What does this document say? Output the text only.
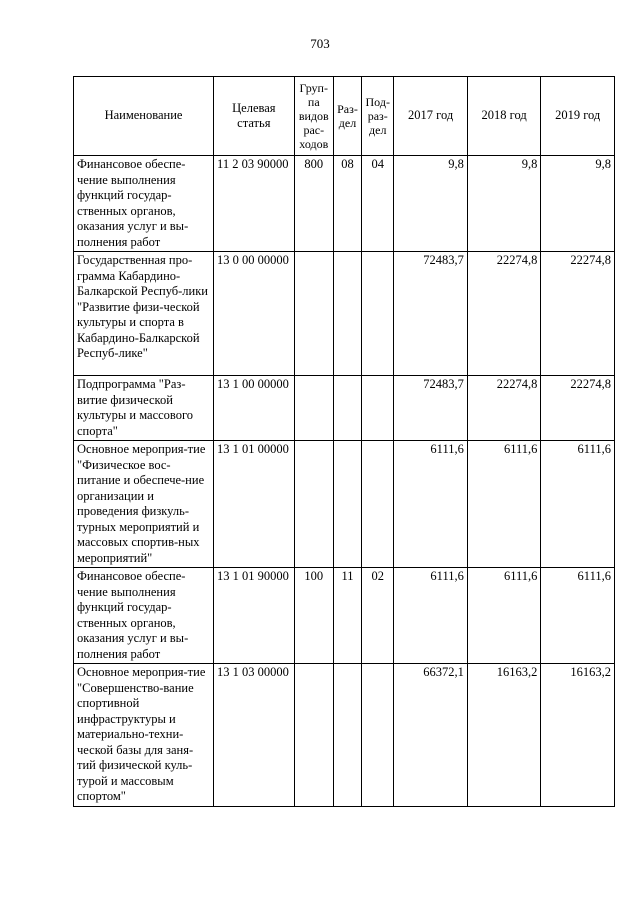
703
Наименование	Целевая статья	Груп-па видов рас-ходов	Раз-дел	Под-раз-дел	2017 год	2018 год	2019 год
Финансовое обеспе-чение выполнения функций государ-ственных органов, оказания услуг и вы-полнения работ	11 2 03 90000	800	08	04	9,8	9,8	9,8
Государственная про-грамма Кабардино-Балкарской Респуб-лики "Развитие физи-ческой культуры и спорта в Кабардино-Балкарской Респуб-лике"	13 0 00 00000				72483,7	22274,8	22274,8
Подпрограмма "Раз-витие физической культуры и массового спорта"	13 1 00 00000				72483,7	22274,8	22274,8
Основное мероприя-тие "Физическое вос-питание и обеспече-ние организации и проведения физкуль-турных мероприятий и массовых спортив-ных мероприятий"	13 1 01 00000				6111,6	6111,6	6111,6
Финансовое обеспе-чение выполнения функций государ-ственных органов, оказания услуг и вы-полнения работ	13 1 01 90000	100	11	02	6111,6	6111,6	6111,6
Основное мероприя-тие "Совершенство-вание спортивной инфраструктуры и материально-техни-ческой базы для заня-тий физической куль-турой и массовым спортом"	13 1 03 00000				66372,1	16163,2	16163,2
